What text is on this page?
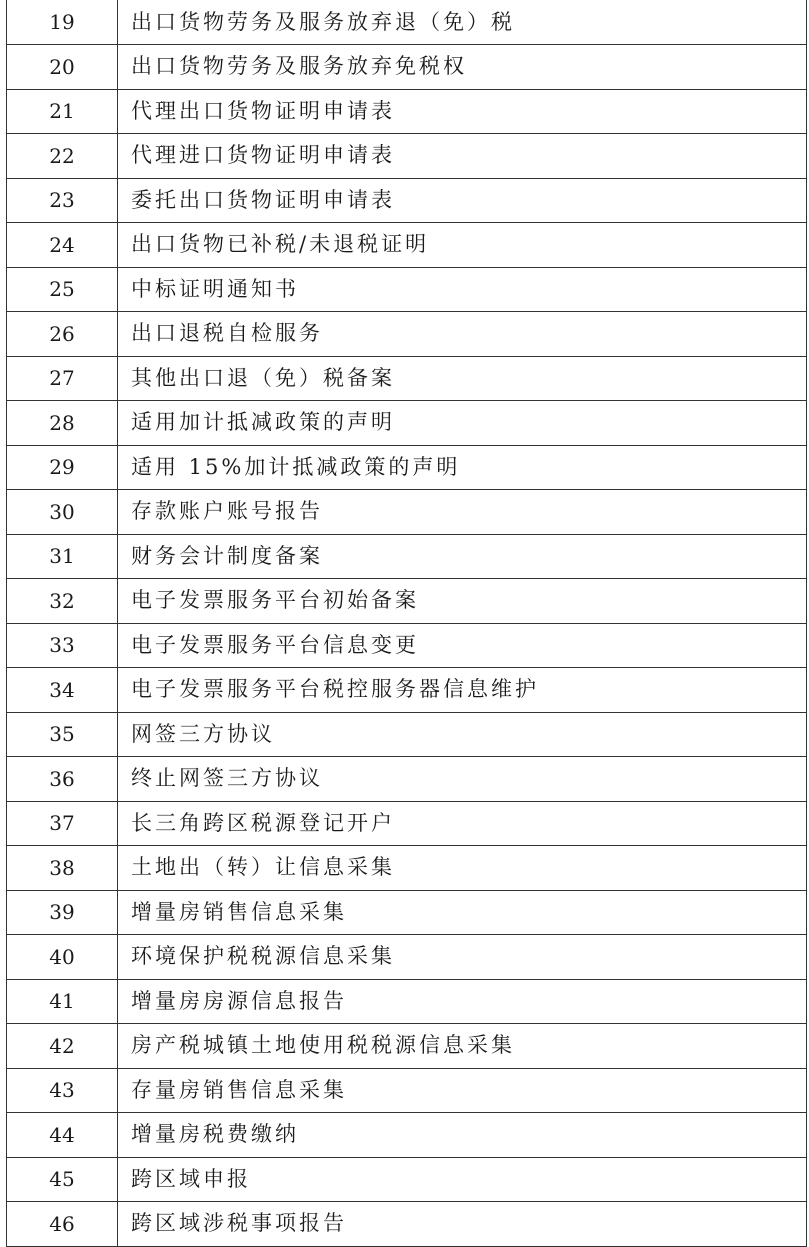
19	出口货物劳务及服务放弃退（免）税
20	出口货物劳务及服务放弃免税权
21	代理出口货物证明申请表
22	代理进口货物证明申请表
23	委托出口货物证明申请表
24	出口货物已补税/未退税证明
25	中标证明通知书
26	出口退税自检服务
27	其他出口退（免）税备案
28	适用加计抵减政策的声明
29	适用 15%加计抵减政策的声明
30	存款账户账号报告
31	财务会计制度备案
32	电子发票服务平台初始备案
33	电子发票服务平台信息变更
34	电子发票服务平台税控服务器信息维护
35	网签三方协议
36	终止网签三方协议
37	长三角跨区税源登记开户
38	土地出（转）让信息采集
39	增量房销售信息采集
40	环境保护税税源信息采集
41	增量房房源信息报告
42	房产税城镇土地使用税税源信息采集
43	存量房销售信息采集
44	增量房税费缴纳
45	跨区域申报
46	跨区域涉税事项报告
